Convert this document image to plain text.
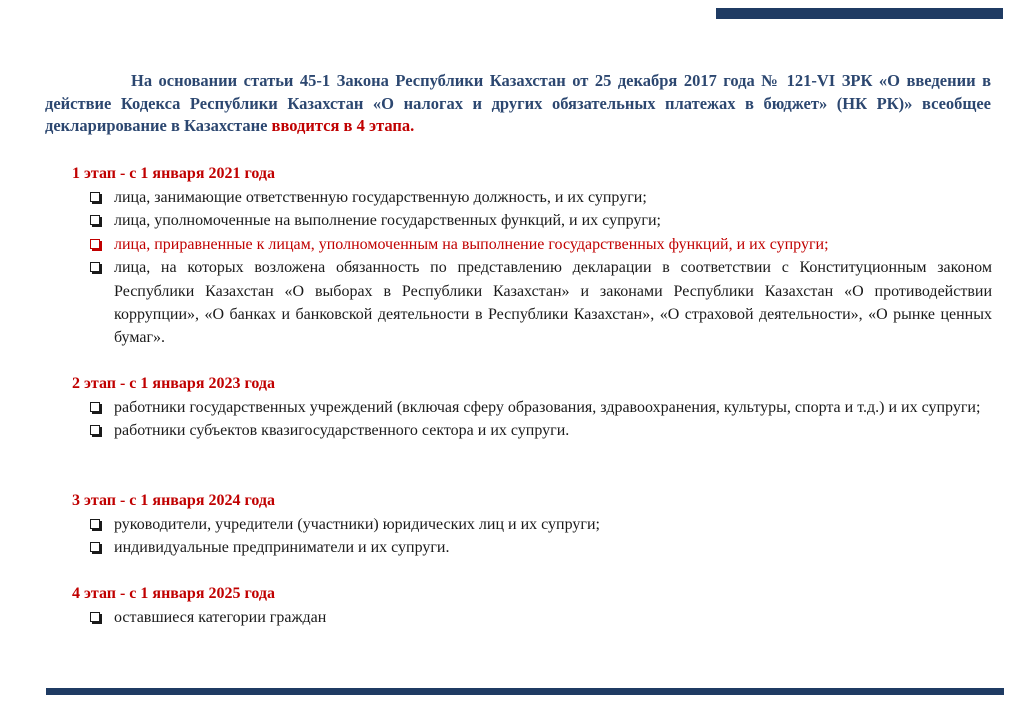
На основании статьи 45-1 Закона Республики Казахстан от 25 декабря 2017 года № 121-VI ЗРК «О введении в действие Кодекса Республики Казахстан «О налогах и других обязательных платежах в бюджет» (НК РК)» всеобщее декларирование в Казахстане вводится в 4 этапа.
1 этап - с 1 января 2021 года
лица, занимающие ответственную государственную должность, и их супруги;
лица, уполномоченные на выполнение государственных функций, и их супруги;
лица, приравненные к лицам, уполномоченным на выполнение государственных функций, и их супруги;
лица, на которых возложена обязанность по представлению декларации в соответствии с Конституционным законом Республики Казахстан «О выборах в Республики Казахстан» и законами Республики Казахстан «О противодействии коррупции», «О банках и банковской деятельности в Республики Казахстан», «О страховой деятельности», «О рынке ценных бумаг».
2 этап - с 1 января 2023 года
работники государственных учреждений (включая сферу образования, здравоохранения, культуры, спорта и т.д.) и их супруги;
работники субъектов квазигосударственного сектора и их супруги.
3 этап - с 1 января 2024 года
руководители, учредители (участники) юридических лиц и их супруги;
индивидуальные предприниматели и их супруги.
4 этап - с 1 января 2025 года
оставшиеся категории граждан
